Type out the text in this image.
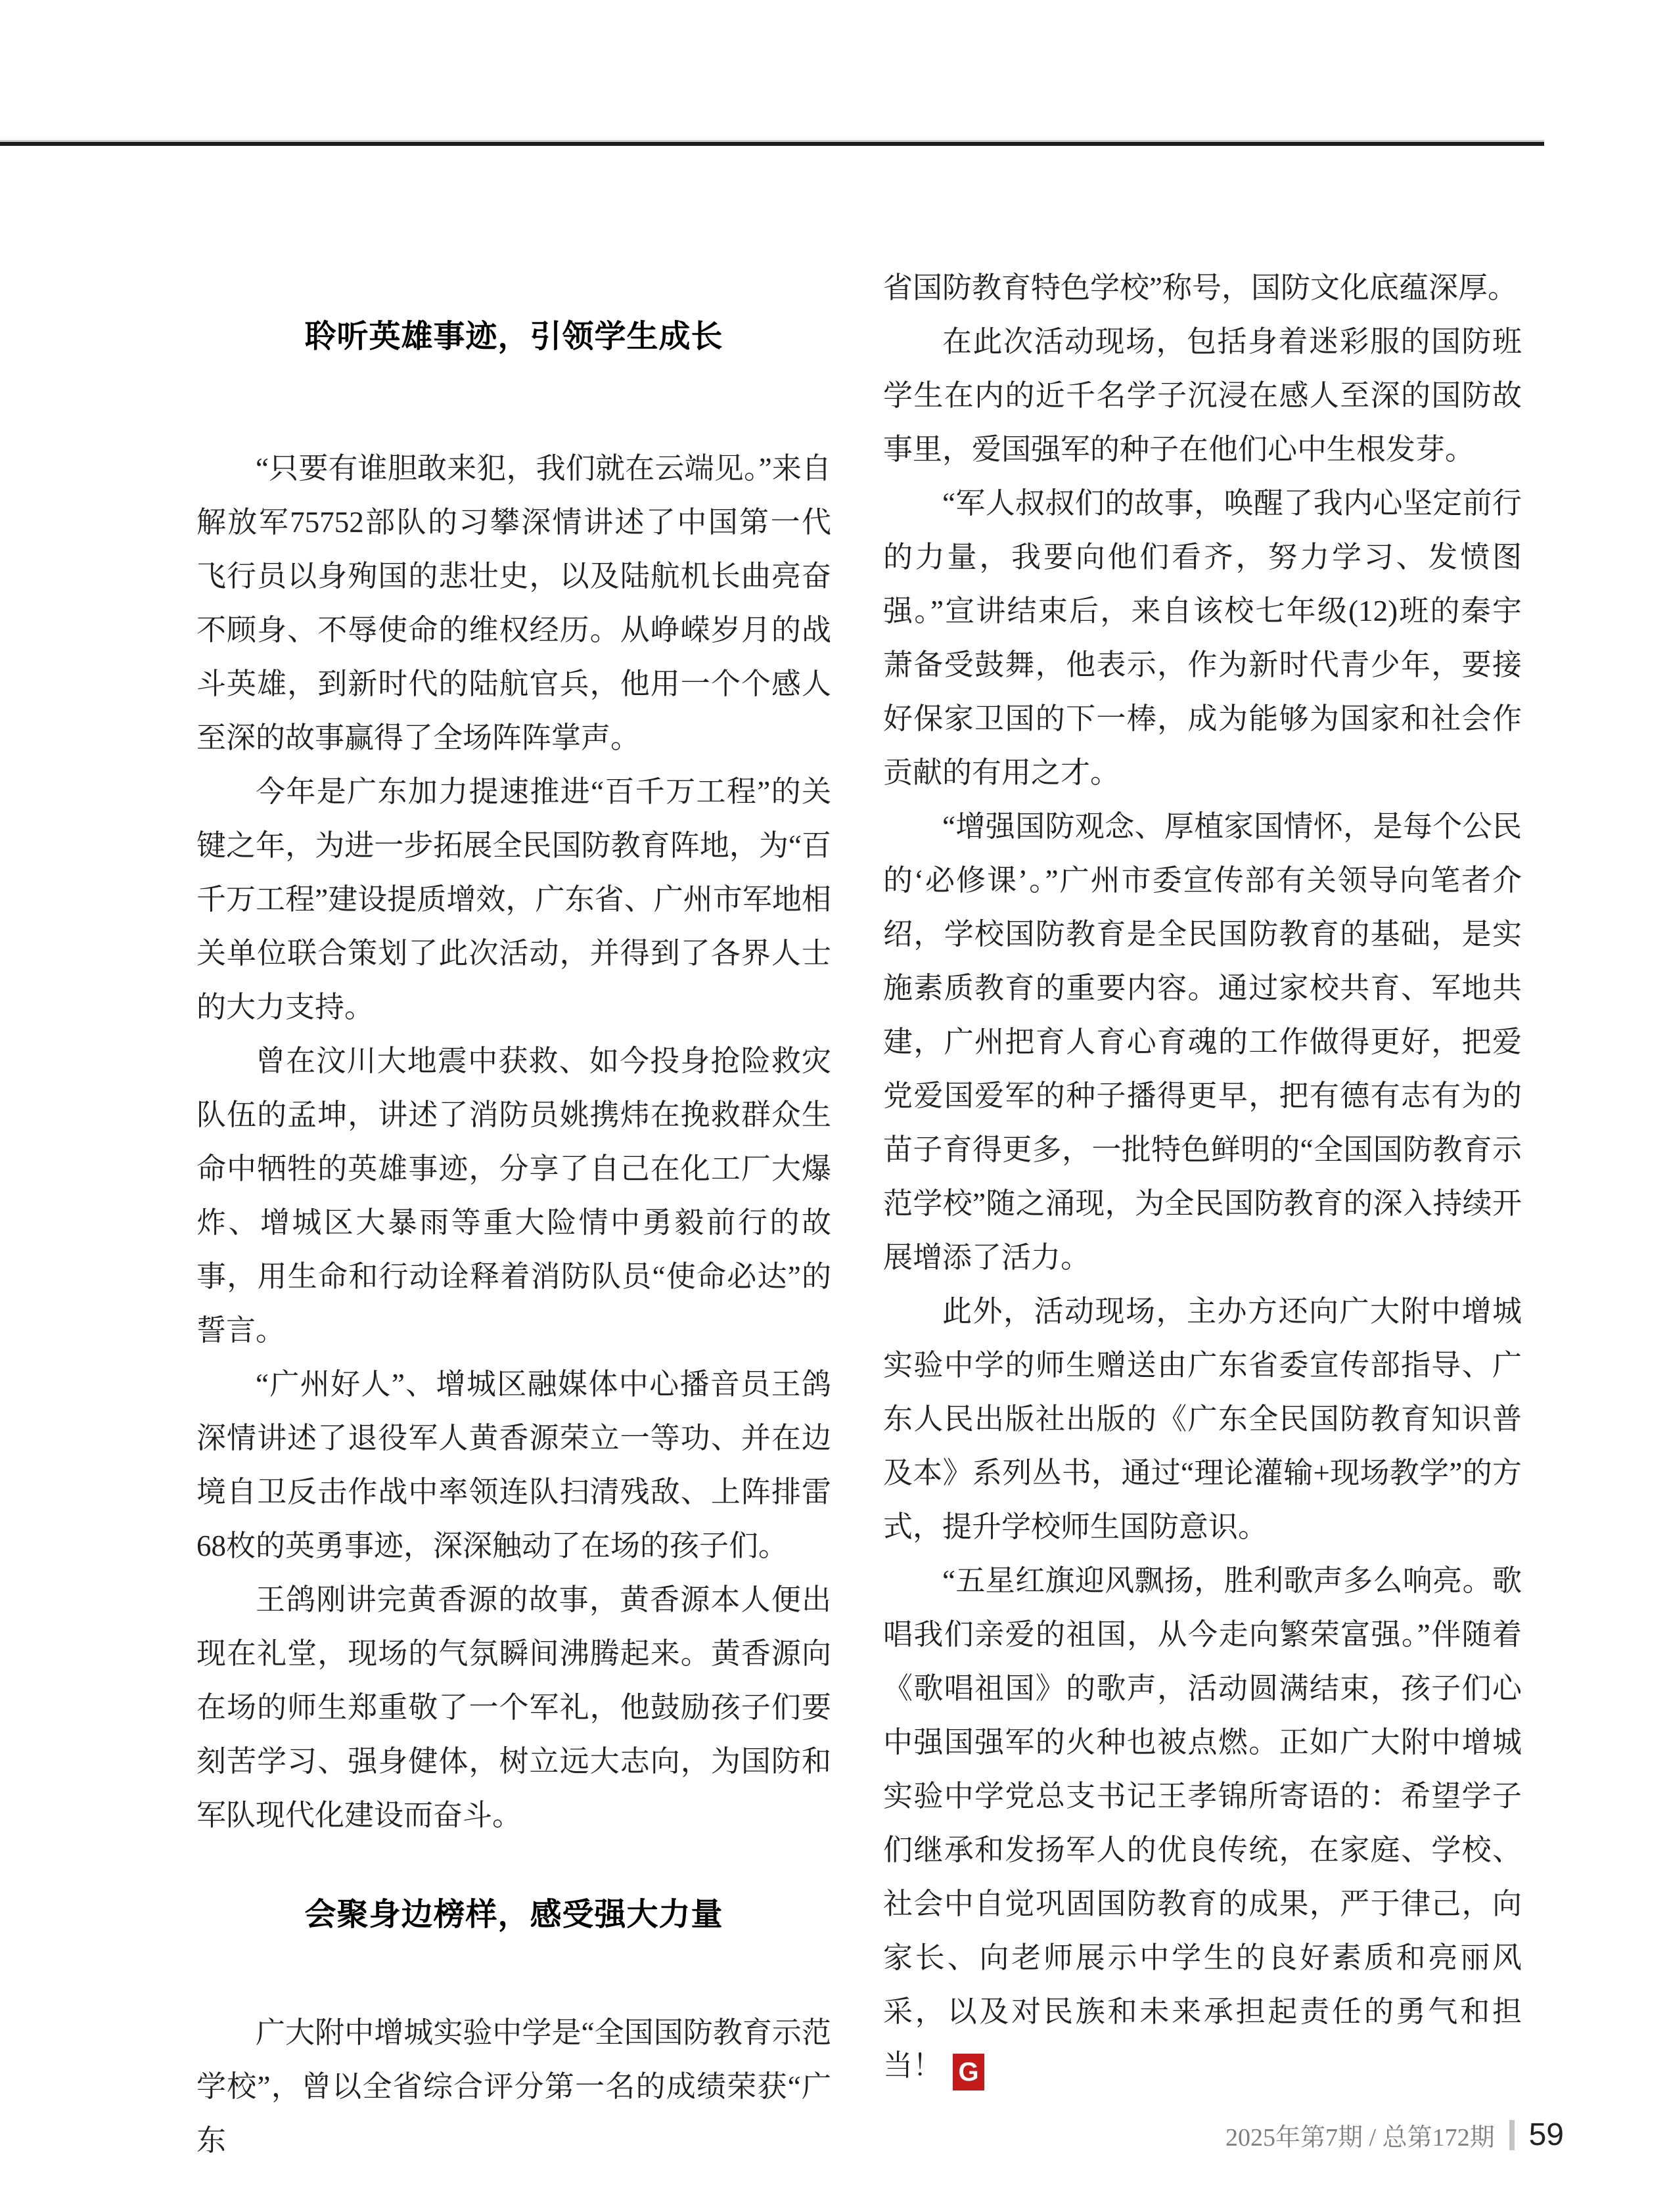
聆听英雄事迹，引领学生成长

“只要有谁胆敢来犯，我们就在云端见。”来自解放军75752部队的习攀深情讲述了中国第一代飞行员以身殉国的悲壮史，以及陆航机长曲亮奋不顾身、不辱使命的维权经历。从峥嵘岁月的战斗英雄，到新时代的陆航官兵，他用一个个感人至深的故事赢得了全场阵阵掌声。

今年是广东加力提速推进“百千万工程”的关键之年，为进一步拓展全民国防教育阵地，为“百千万工程”建设提质增效，广东省、广州市军地相关单位联合策划了此次活动，并得到了各界人士的大力支持。

曾在汶川大地震中获救、如今投身抢险救灾队伍的孟坤，讲述了消防员姚携炜在挽救群众生命中牺牲的英雄事迹，分享了自己在化工厂大爆炸、增城区大暴雨等重大险情中勇毅前行的故事，用生命和行动诠释着消防队员“使命必达”的誓言。

“广州好人”、增城区融媒体中心播音员王鸽深情讲述了退役军人黄香源荣立一等功、并在边境自卫反击作战中率领连队扫清残敌、上阵排雷68枚的英勇事迹，深深触动了在场的孩子们。

王鸽刚讲完黄香源的故事，黄香源本人便出现在礼堂，现场的气氛瞬间沸腾起来。黄香源向在场的师生郑重敬了一个军礼，他鼓励孩子们要刻苦学习、强身健体，树立远大志向，为国防和军队现代化建设而奋斗。

会聚身边榜样，感受强大力量

广大附中增城实验中学是“全国国防教育示范学校”，曾以全省综合评分第一名的成绩荣获“广东

省国防教育特色学校”称号，国防文化底蕴深厚。

在此次活动现场，包括身着迷彩服的国防班学生在内的近千名学子沉浸在感人至深的国防故事里，爱国强军的种子在他们心中生根发芽。

“军人叔叔们的故事，唤醒了我内心坚定前行的力量，我要向他们看齐，努力学习、发愤图强。”宣讲结束后，来自该校七年级(12)班的秦宇萧备受鼓舞，他表示，作为新时代青少年，要接好保家卫国的下一棒，成为能够为国家和社会作贡献的有用之才。

“增强国防观念、厚植家国情怀，是每个公民的‘必修课’。”广州市委宣传部有关领导向笔者介绍，学校国防教育是全民国防教育的基础，是实施素质教育的重要内容。通过家校共育、军地共建，广州把育人育心育魂的工作做得更好，把爱党爱国爱军的种子播得更早，把有德有志有为的苗子育得更多，一批特色鲜明的“全国国防教育示范学校”随之涌现，为全民国防教育的深入持续开展增添了活力。

此外，活动现场，主办方还向广大附中增城实验中学的师生赠送由广东省委宣传部指导、广东人民出版社出版的《广东全民国防教育知识普及本》系列丛书，通过“理论灌输+现场教学”的方式，提升学校师生国防意识。

“五星红旗迎风飘扬，胜利歌声多么响亮。歌唱我们亲爱的祖国，从今走向繁荣富强。”伴随着《歌唱祖国》的歌声，活动圆满结束，孩子们心中强国强军的火种也被点燃。正如广大附中增城实验中学党总支书记王孝锦所寄语的：希望学子们继承和发扬军人的优良传统，在家庭、学校、社会中自觉巩固国防教育的成果，严于律己，向家长、向老师展示中学生的良好素质和亮丽风采，以及对民族和未来承担起责任的勇气和担当！ G

2025年第7期 / 总第172期 59
